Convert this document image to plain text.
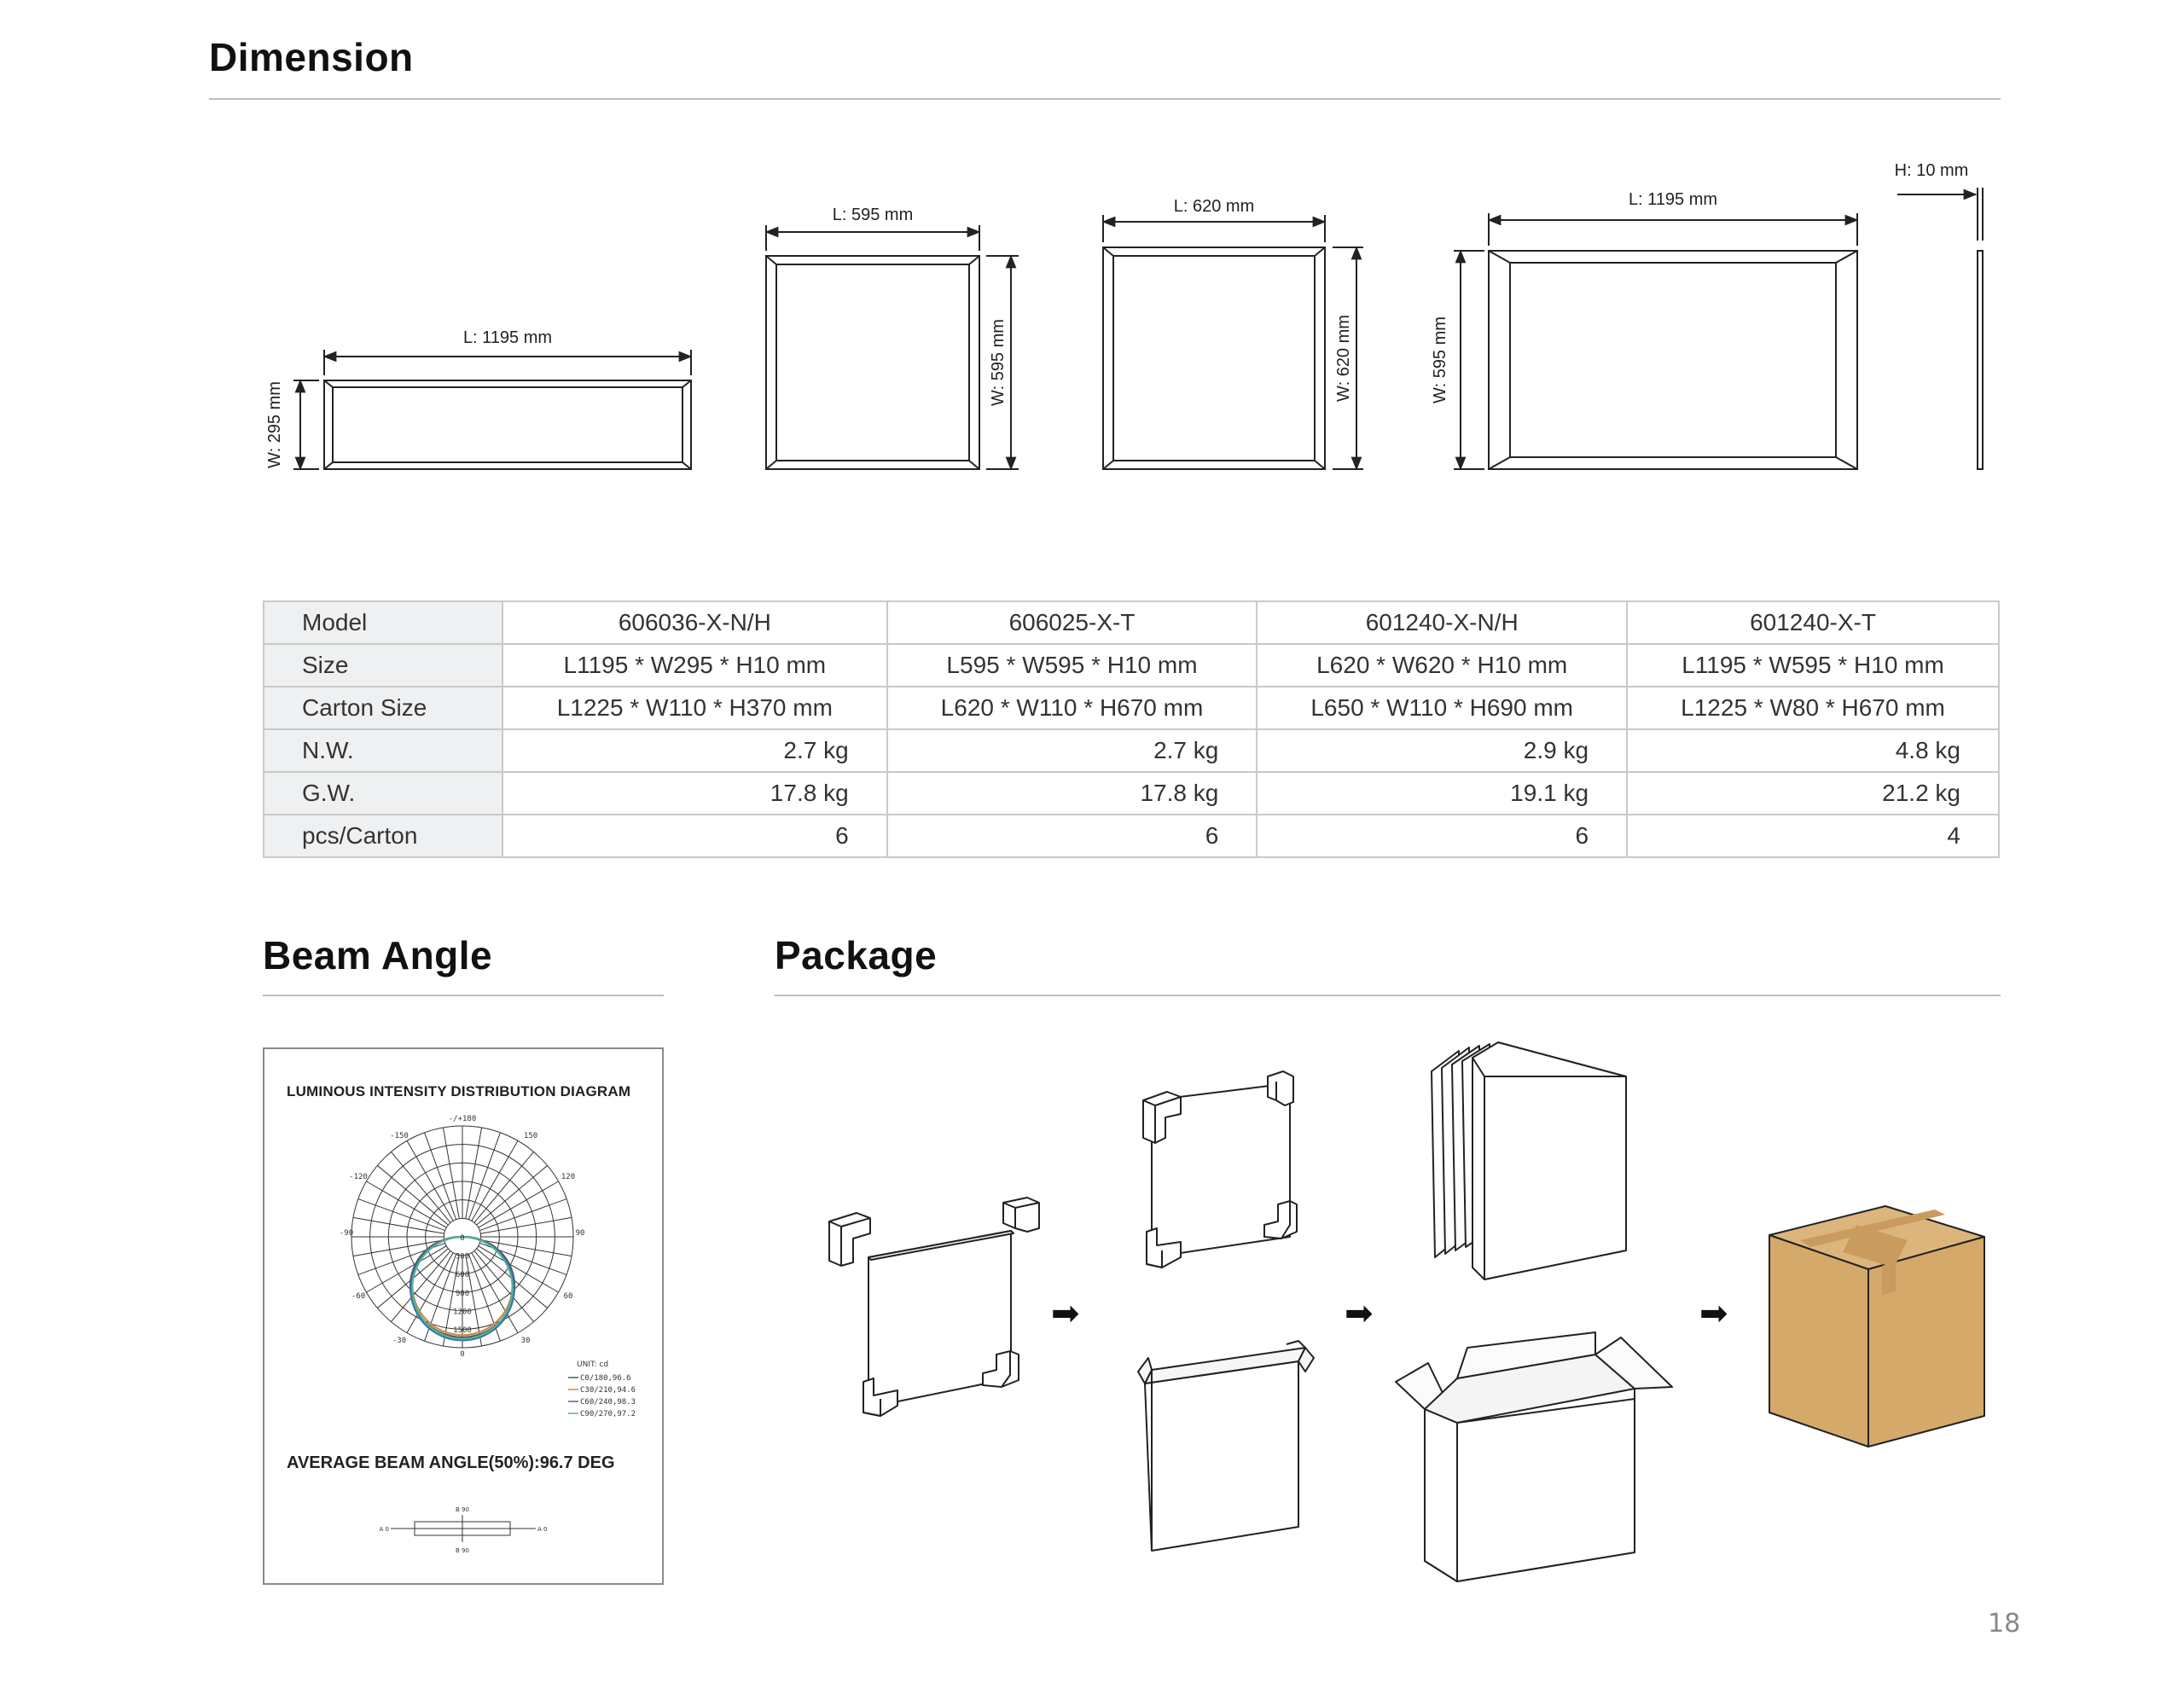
Dimension
L: 1195 mm
W: 295 mm
L: 595 mm
W: 595 mm
L: 620 mm
W: 620 mm
L: 1195 mm
W: 595 mm
H: 10 mm
Model	606036-X-N/H	606025-X-T	601240-X-N/H	601240-X-T
Size	L1195 * W295 * H10 mm	L595 * W595 * H10 mm	L620 * W620 * H10 mm	L1195 * W595 * H10 mm
Carton Size	L1225 * W110 * H370 mm	L620 * W110 * H670 mm	L650 * W110 * H690 mm	L1225 * W80 * H670 mm
N.W.	2.7 kg	2.7 kg	2.9 kg	4.8 kg
G.W.	17.8 kg	17.8 kg	19.1 kg	21.2 kg
pcs/Carton	6	6	6	4
Beam Angle
LUMINOUS INTENSITY DISTRIBUTION DIAGRAM
-/+180
-150	150
-120	120
-90	90
-60	60
-30	30
0
0
300
600
900
1200
1500
UNIT: cd
C0/180,96.6
C30/210,94.6
C60/240,98.3
C90/270,97.2
AVERAGE BEAM ANGLE(50%):96.7 DEG
B 90
B 90
A 0	A 0
Package
➡	➡	➡
18
